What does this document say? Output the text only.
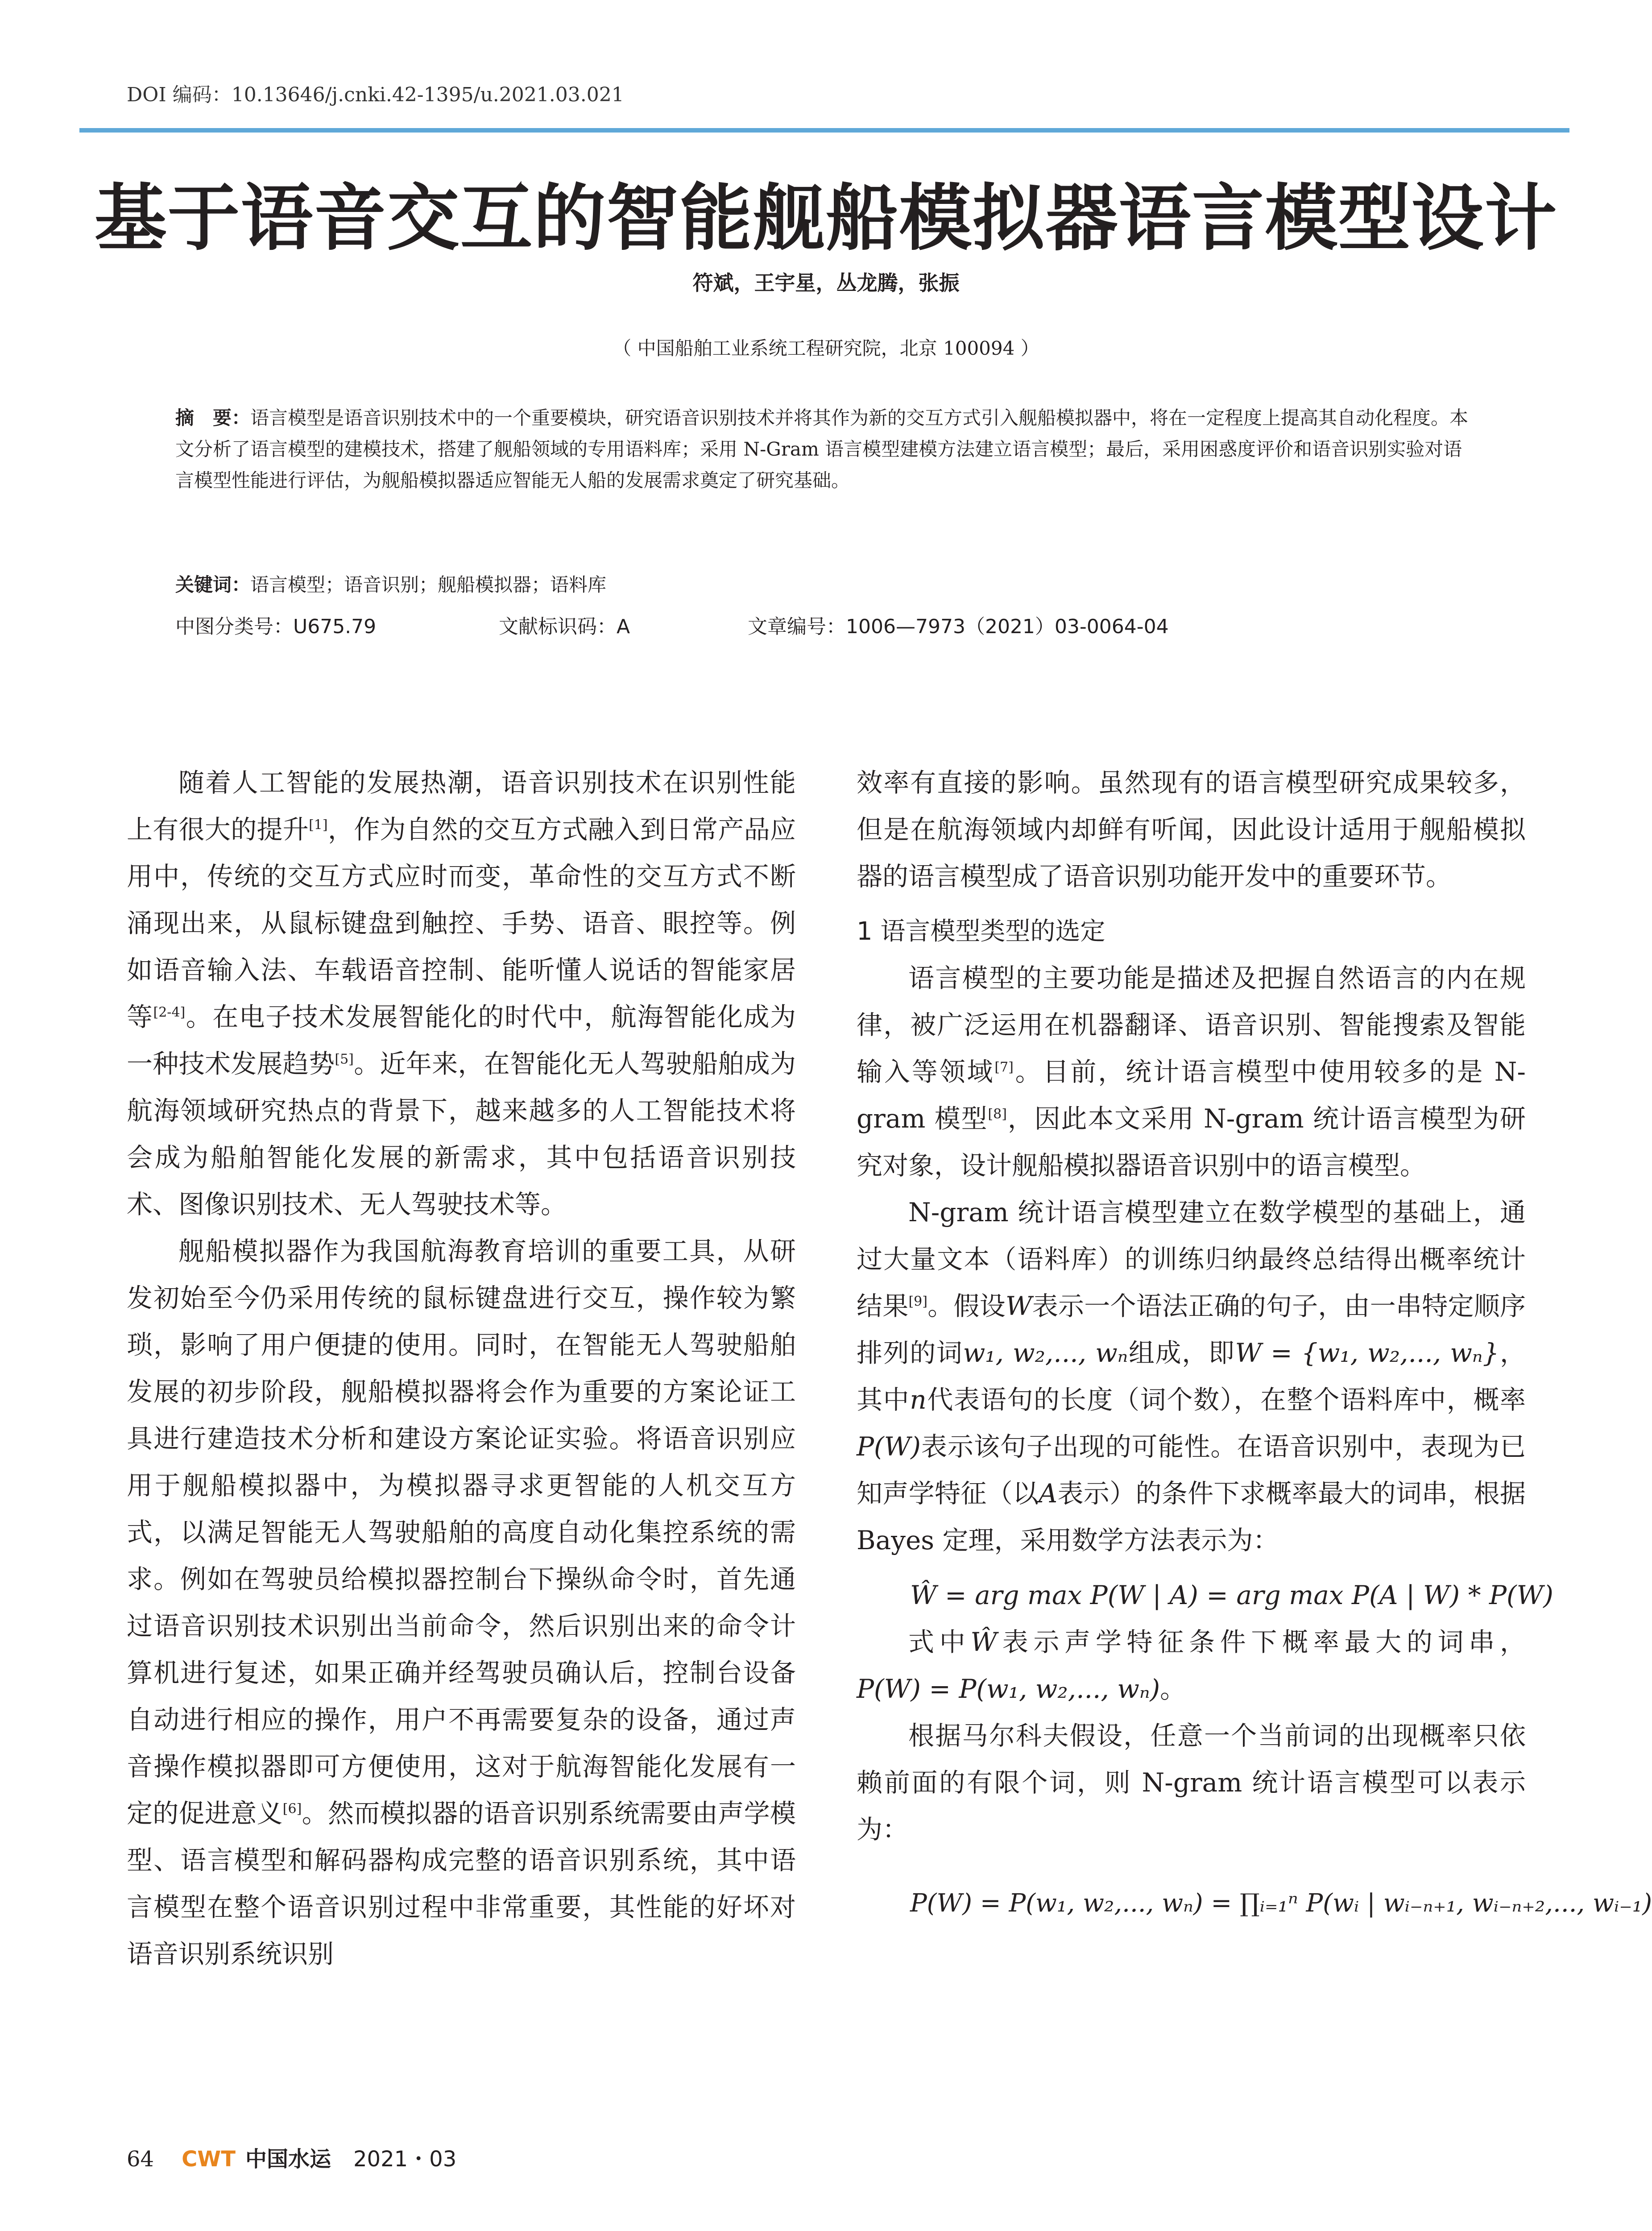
DOI 编码：10.13646/j.cnki.42-1395/u.2021.03.021
基于语音交互的智能舰船模拟器语言模型设计
符斌，王宇星，丛龙腾，张振
（ 中国船舶工业系统工程研究院，北京 100094 ）
摘　要：语言模型是语音识别技术中的一个重要模块，研究语音识别技术并将其作为新的交互方式引入舰船模拟器中，将在一定程度上提高其自动化程度。本文分析了语言模型的建模技术，搭建了舰船领域的专用语料库；采用 N-Gram 语言模型建模方法建立语言模型；最后，采用困惑度评价和语音识别实验对语言模型性能进行评估，为舰船模拟器适应智能无人船的发展需求奠定了研究基础。
关键词：语言模型；语音识别；舰船模拟器；语料库
中图分类号：U675.79	文献标识码：A	文章编号：1006—7973（2021）03-0064-04

随着人工智能的发展热潮，语音识别技术在识别性能上有很大的提升[1]，作为自然的交互方式融入到日常产品应用中，传统的交互方式应时而变，革命性的交互方式不断涌现出来，从鼠标键盘到触控、手势、语音、眼控等。例如语音输入法、车载语音控制、能听懂人说话的智能家居等[2-4]。在电子技术发展智能化的时代中，航海智能化成为一种技术发展趋势[5]。近年来，在智能化无人驾驶船舶成为航海领域研究热点的背景下，越来越多的人工智能技术将会成为船舶智能化发展的新需求，其中包括语音识别技术、图像识别技术、无人驾驶技术等。

舰船模拟器作为我国航海教育培训的重要工具，从研发初始至今仍采用传统的鼠标键盘进行交互，操作较为繁琐，影响了用户便捷的使用。同时，在智能无人驾驶船舶发展的初步阶段，舰船模拟器将会作为重要的方案论证工具进行建造技术分析和建设方案论证实验。将语音识别应用于舰船模拟器中，为模拟器寻求更智能的人机交互方式，以满足智能无人驾驶船舶的高度自动化集控系统的需求。例如在驾驶员给模拟器控制台下操纵命令时，首先通过语音识别技术识别出当前命令，然后识别出来的命令计算机进行复述，如果正确并经驾驶员确认后，控制台设备自动进行相应的操作，用户不再需要复杂的设备，通过声音操作模拟器即可方便使用，这对于航海智能化发展有一定的促进意义[6]。然而模拟器的语音识别系统需要由声学模型、语言模型和解码器构成完整的语音识别系统，其中语言模型在整个语音识别过程中非常重要，其性能的好坏对语音识别系统识别

效率有直接的影响。虽然现有的语言模型研究成果较多，但是在航海领域内却鲜有听闻，因此设计适用于舰船模拟器的语言模型成了语音识别功能开发中的重要环节。

1 语言模型类型的选定

语言模型的主要功能是描述及把握自然语言的内在规律，被广泛运用在机器翻译、语音识别、智能搜索及智能输入等领域[7]。目前，统计语言模型中使用较多的是 N-gram 模型[8]，因此本文采用 N-gram 统计语言模型为研究对象，设计舰船模拟器语音识别中的语言模型。

N-gram 统计语言模型建立在数学模型的基础上，通过大量文本（语料库）的训练归纳最终总结得出概率统计结果[9]。假设W表示一个语法正确的句子，由一串特定顺序排列的词w₁, w₂,..., wₙ组成，即W = {w₁, w₂,..., wₙ}，其中n代表语句的长度（词个数），在整个语料库中，概率P(W)表示该句子出现的可能性。在语音识别中，表现为已知声学特征（以A表示）的条件下求概率最大的词串，根据 Bayes 定理，采用数学方法表示为：

Ŵ = arg max P(W | A) = arg max P(A | W) * P(W)

式中Ŵ表示声学特征条件下概率最大的词串，P(W) = P(w₁, w₂,..., wₙ)。

根据马尔科夫假设，任意一个当前词的出现概率只依赖前面的有限个词，则 N-gram 统计语言模型可以表示为：

P(W) = P(w₁, w₂,..., wₙ) = ∏ᵢ₌₁ⁿ P(wᵢ | wᵢ₋ₙ₊₁, wᵢ₋ₙ₊₂,..., wᵢ₋₁)

64 CWT 中国水运 2021・03
